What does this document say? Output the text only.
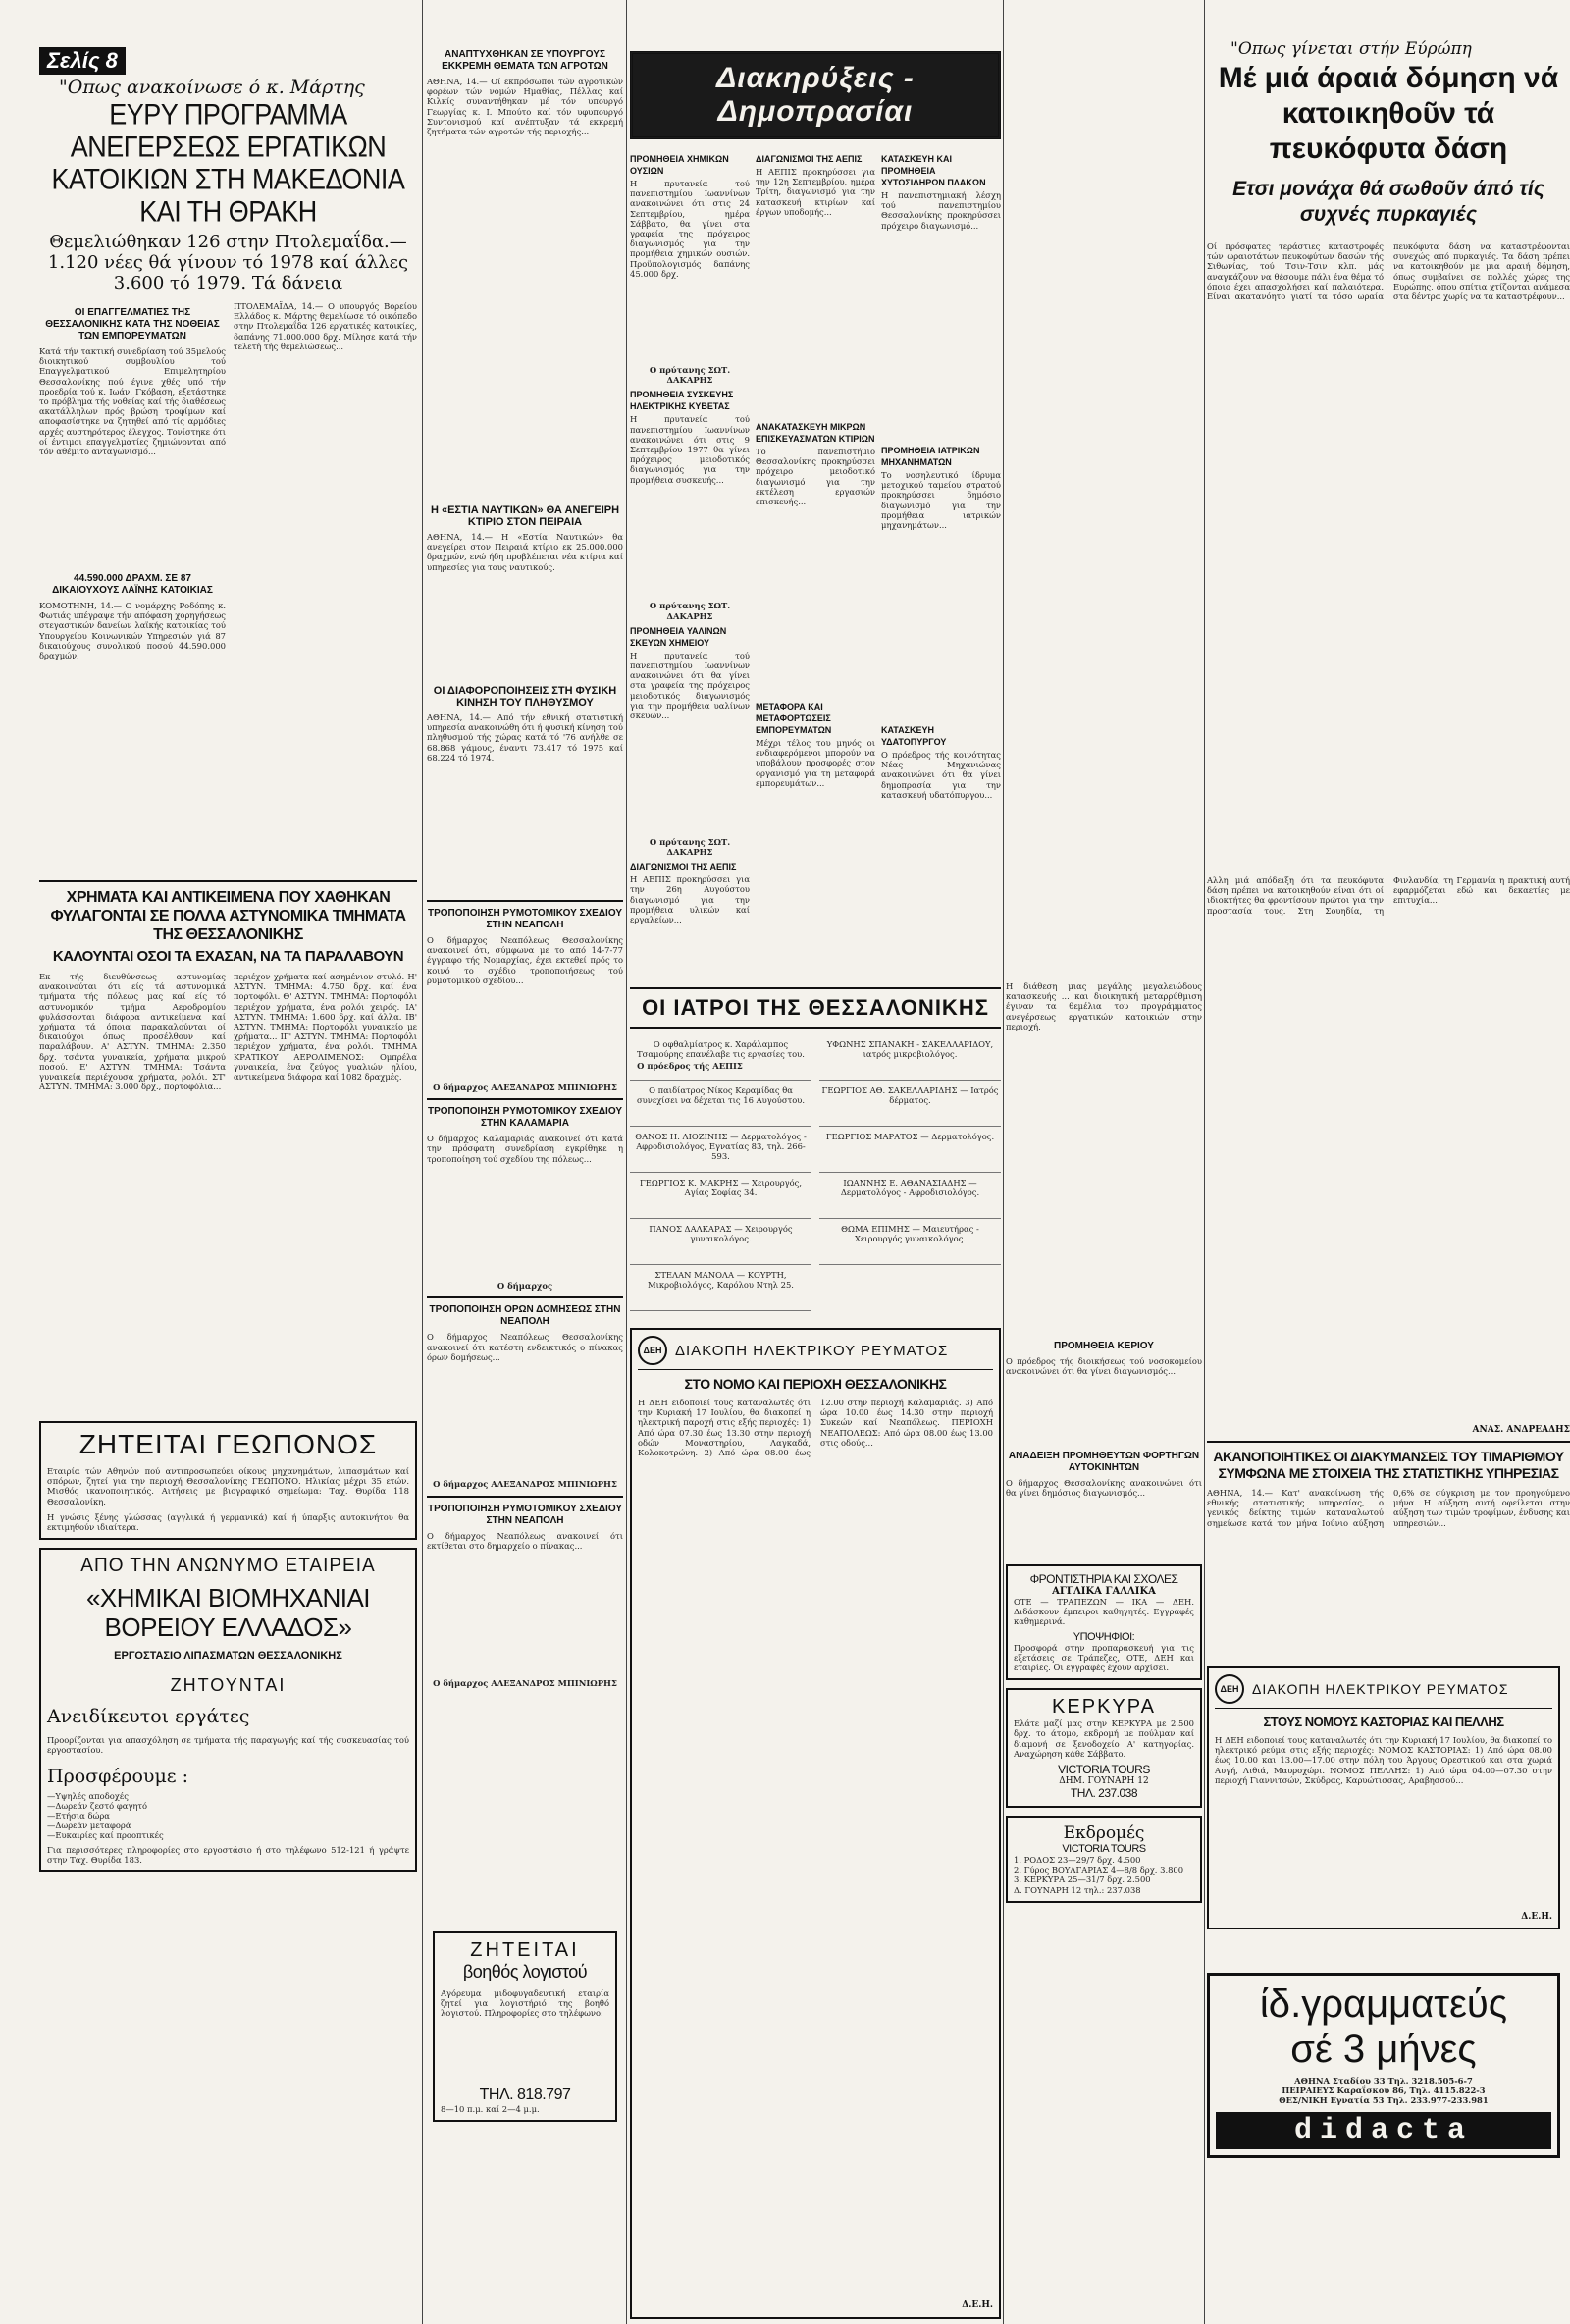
Σελίς 8
"Οπως ανακοίνωσε ό κ. Μάρτης
ΕΥΡΥ ΠΡΟΓΡΑΜΜΑ ΑΝΕΓΕΡΣΕΩΣ ΕΡΓΑΤΙΚΩΝ ΚΑΤΟΙΚΙΩΝ ΣΤΗ ΜΑΚΕΔΟΝΙΑ ΚΑΙ ΤΗ ΘΡΑΚΗ
Θεμελιώθηκαν 126 στην Πτολεμαΐδα.— 1.120 νέες θά γίνουν τό 1978 καί άλλες 3.600 τό 1979. Τά δάνεια
ΟΙ ΕΠΑΓΓΕΛΜΑΤΙΕΣ ΤΗΣ ΘΕΣΣΑΛΟΝΙΚΗΣ ΚΑΤΑ ΤΗΣ ΝΟΘΕΙΑΣ ΤΩΝ ΕΜΠΟΡΕΥΜΑΤΩΝ

Κατά τήν τακτική συνεδρίαση τού 35μελούς διοικητικού συμβουλίου τού Επαγγελματικού Επιμελητηρίου Θεσσαλονίκης πού έγινε χθές υπό τήν προεδρία τού κ. Ιωάν. Γκόβαση, εξετάστηκε το πρόβλημα τής νοθείας καί τής διαθέσεως ακατάλληλων πρός βρώση τροφίμων καί αποφασίστηκε να ζητηθεί από τίς αρμόδιες αρχές αυστηρότερος έλεγχος. Τονίστηκε ότι οί έντιμοι επαγγελματίες ζημιώνονται από τόν αθέμιτο ανταγωνισμό...

44.590.000 ΔΡΑΧΜ. ΣΕ 87 ΔΙΚΑΙΟΥΧΟΥΣ ΛΑΪΝΗΣ ΚΑΤΟΙΚΙΑΣ

ΚΟΜΟΤΗΝΗ, 14.— Ο νομάρχης Ροδόπης κ. Φωτιάς υπέγραψε τήν απόφαση χορηγήσεως στεγαστικών δανείων λαϊκής κατοικίας τού Υπουργείου Κοινωνικών Υπηρεσιών γιά 87 δικαιούχους συνολικού ποσού 44.590.000 δραχμών.

ΠΤΟΛΕΜΑΪΔΑ, 14.— Ο υπουργός Βορείου Ελλάδος κ. Μάρτης θεμελίωσε τό οικόπεδο στην Πτολεμαΐδα 126 εργατικές κατοικίες, δαπάνης 71.000.000 δρχ. Μίλησε κατά τήν τελετή τής θεμελιώσεως...

ΧΡΗΜΑΤΑ ΚΑΙ ΑΝΤΙΚΕΙΜΕΝΑ ΠΟΥ ΧΑΘΗΚΑΝ ΦΥΛΑΓΟΝΤΑΙ ΣΕ ΠΟΛΛΑ ΑΣΤΥΝΟΜΙΚΑ ΤΜΗΜΑΤΑ ΤΗΣ ΘΕΣΣΑΛΟΝΙΚΗΣ
ΚΑΛΟΥΝΤΑΙ ΟΣΟΙ ΤΑ ΕΧΑΣΑΝ, ΝΑ ΤΑ ΠΑΡΑΛΑΒΟΥΝ

Εκ τής διευθύνσεως αστυνομίας ανακοινούται ότι είς τά αστυνομικά τμήματα τής πόλεως μας καί είς τό αστυνομικόν τμήμα Αεροδρομίου φυλάσσονται διάφορα αντικείμενα καί χρήματα τά όποια παρακαλούνται οί δικαιούχοι όπως προσέλθουν καί παραλάβουν. Α' ΑΣΤΥΝ. ΤΜΗΜΑ: 2.350 δρχ. τσάντα γυναικεία, χρήματα μικρού ποσού. Ε' ΑΣΤΥΝ. ΤΜΗΜΑ: Τσάντα γυναικεία περιέχουσα χρήματα, ρολόι. ΣΤ' ΑΣΤΥΝ. ΤΜΗΜΑ: 3.000 δρχ., πορτοφόλια...

περιέχον χρήματα καί ασημένιον στυλό. Η' ΑΣΤΥΝ. ΤΜΗΜΑ: 4.750 δρχ. καί ένα πορτοφόλι. Θ' ΑΣΤΥΝ. ΤΜΗΜΑ: Πορτοφόλι περιέχον χρήματα, ένα ρολόι χειρός. ΙΑ' ΑΣΤΥΝ. ΤΜΗΜΑ: 1.600 δρχ. καί άλλα. ΙΒ' ΑΣΤΥΝ. ΤΜΗΜΑ: Πορτοφόλι γυναικείο με χρήματα... ΙΓ' ΑΣΤΥΝ. ΤΜΗΜΑ: Πορτοφόλι περιέχον χρήματα, ένα ρολόι. ΤΜΗΜΑ ΚΡΑΤΙΚΟΥ ΑΕΡΟΛΙΜΕΝΟΣ: Ομπρέλα γυναικεία, ένα ζεύγος γυαλιών ηλίου, αντικείμενα διάφορα καί 1082 δραχμές.

ΖΗΤΕΙΤΑΙ ΓΕΩΠΟΝΟΣ

Εταιρία τών Αθηνών πού αντιπροσωπεύει οίκους μηχανημάτων, λιπασμάτων καί σπόρων, ζητεί για την περιοχή Θεσσαλονίκης ΓΕΩΠΟΝΟ. Ηλικίας μέχρι 35 ετών. Μισθός ικανοποιητικός. Αιτήσεις με βιογραφικό σημείωμα: Ταχ. Θυρίδα 118 Θεσσαλονίκη.

Η γνώσις ξένης γλώσσας (αγγλικά ή γερμανικά) καί ή ύπαρξις αυτοκινήτου θα εκτιμηθούν ιδιαίτερα.

ΑΠΟ ΤΗΝ ΑΝΩΝΥΜΟ ΕΤΑΙΡΕΙΑ
«ΧΗΜΙΚΑΙ ΒΙΟΜΗΧΑΝΙΑΙ ΒΟΡΕΙΟΥ ΕΛΛΑΔΟΣ»
ΕΡΓΟΣΤΑΣΙΟ ΛΙΠΑΣΜΑΤΩΝ ΘΕΣΣΑΛΟΝΙΚΗΣ
ΖΗΤΟΥΝΤΑΙ
Ανειδίκευτοι εργάτες

Προορίζονται για απασχόληση σε τμήματα τής παραγωγής καί τής συσκευασίας τού εργοστασίου.

Προσφέρουμε :
—Υψηλές αποδοχές
—Δωρεάν ζεστό φαγητό
—Ετήσια δώρα
—Δωρεάν μεταφορά
—Ευκαιρίες καί προοπτικές

Για περισσότερες πληροφορίες στο εργοστάσιο ή στο τηλέφωνο 512-121 ή γράψτε στην Ταχ. Θυρίδα 183.

ΑΝΑΠΤΥΧΘΗΚΑΝ ΣΕ ΥΠΟΥΡΓΟΥΣ ΕΚΚΡΕΜΗ ΘΕΜΑΤΑ ΤΩΝ ΑΓΡΟΤΩΝ

ΑΘΗΝΑ, 14.— Οί εκπρόσωποι τών αγροτικών φορέων τών νομών Ημαθίας, Πέλλας καί Κιλκίς συναντήθηκαν μέ τόν υπουργό Γεωργίας κ. Ι. Μπούτο καί τόν υφυπουργό Συντονισμού καί ανέπτυξαν τά εκκρεμή ζητήματα τών αγροτών τής περιοχής...

Η «ΕΣΤΙΑ ΝΑΥΤΙΚΩΝ» ΘΑ ΑΝΕΓΕΙΡΗ ΚΤΙΡΙΟ ΣΤΟΝ ΠΕΙΡΑΙΑ

ΑΘΗΝΑ, 14.— Η «Εστία Ναυτικών» θα ανεγείρει στον Πειραιά κτίριο εκ 25.000.000 δραχμών, ενώ ήδη προβλέπεται νέα κτίρια καί υπηρεσίες για τους ναυτικούς.

ΟΙ ΔΙΑΦΟΡΟΠΟΙΗΣΕΙΣ ΣΤΗ ΦΥΣΙΚΗ ΚΙΝΗΣΗ ΤΟΥ ΠΛΗΘΥΣΜΟΥ

ΑΘΗΝΑ, 14.— Από τήν εθνική στατιστική υπηρεσία ανακοινώθη ότι ή φυσική κίνηση τού πληθυσμού τής χώρας κατά τό '76 ανήλθε σε 68.868 γάμους, έναντι 73.417 τό 1975 καί 68.224 τό 1974.

ΤΡΟΠΟΠΟΙΗΣΗ ΡΥΜΟΤΟΜΙΚΟΥ ΣΧΕΔΙΟΥ ΣΤΗΝ ΝΕΑΠΟΛΗ

Ο δήμαρχος Νεαπόλεως Θεσσαλονίκης ανακοινεί ότι, σύμφωνα με το από 14-7-77 έγγραφο τής Νομαρχίας, έχει εκτεθεί πρός το κοινό το σχέδιο τροποποιήσεως τού ρυμοτομικού σχεδίου...

Ο δήμαρχος ΑΛΕΞΑΝΔΡΟΣ ΜΠΙΝΙΩΡΗΣ
ΤΡΟΠΟΠΟΙΗΣΗ ΡΥΜΟΤΟΜΙΚΟΥ ΣΧΕΔΙΟΥ ΣΤΗΝ ΚΑΛΑΜΑΡΙΑ

Ο δήμαρχος Καλαμαριάς ανακοινεί ότι κατά την πρόσφατη συνεδρίαση εγκρίθηκε η τροποποίηση τού σχεδίου της πόλεως...

Ο δήμαρχος
ΤΡΟΠΟΠΟΙΗΣΗ ΟΡΩΝ ΔΟΜΗΣΕΩΣ ΣΤΗΝ ΝΕΑΠΟΛΗ

Ο δήμαρχος Νεαπόλεως Θεσσαλονίκης ανακοινεί ότι κατέστη ενδεικτικός ο πίνακας όρων δομήσεως...

Ο δήμαρχος ΑΛΕΞΑΝΔΡΟΣ ΜΠΙΝΙΩΡΗΣ
ΤΡΟΠΟΠΟΙΗΣΗ ΡΥΜΟΤΟΜΙΚΟΥ ΣΧΕΔΙΟΥ ΣΤΗΝ ΝΕΑΠΟΛΗ

Ο δήμαρχος Νεαπόλεως ανακοινεί ότι εκτίθεται στο δημαρχείο ο πίνακας...

Ο δήμαρχος ΑΛΕΞΑΝΔΡΟΣ ΜΠΙΝΙΩΡΗΣ
ΖΗΤΕΙΤΑΙ
βοηθός λογιστού

Αγόρευμα μιδοφυγαδευτική εταιρία ζητεί για λογιστήριό της βοηθό λογιστού. Πληροφορίες στο τηλέφωνο:

ΤΗΛ. 818.797
8—10 π.μ. καί 2—4 μ.μ.
Διακηρύξεις - Δημοπρασίαι
ΠΡΟΜΗΘΕΙΑ ΧΗΜΙΚΩΝ ΟΥΣΙΩΝ

Η πρυτανεία τού πανεπιστημίου Ιωαννίνων ανακοινώνει ότι στις 24 Σεπτεμβρίου, ημέρα Σάββατο, θα γίνει στα γραφεία της πρόχειρος διαγωνισμός για την προμήθεια χημικών ουσιών. Προϋπολογισμός δαπάνης 45.000 δρχ.

Ο πρύτανης ΣΩΤ. ΔΑΚΑΡΗΣ
ΠΡΟΜΗΘΕΙΑ ΣΥΣΚΕΥΗΣ ΗΛΕΚΤΡΙΚΗΣ ΚΥΒΕΤΑΣ

Η πρυτανεία τού πανεπιστημίου Ιωαννίνων ανακοινώνει ότι στις 9 Σεπτεμβρίου 1977 θα γίνει πρόχειρος μειοδοτικός διαγωνισμός για την προμήθεια συσκευής...

Ο πρύτανης ΣΩΤ. ΔΑΚΑΡΗΣ
ΠΡΟΜΗΘΕΙΑ ΥΑΛΙΝΩΝ ΣΚΕΥΩΝ ΧΗΜΕΙΟΥ

Η πρυτανεία τού πανεπιστημίου Ιωαννίνων ανακοινώνει ότι θα γίνει στα γραφεία της πρόχειρος μειοδοτικός διαγωνισμός για την προμήθεια υαλίνων σκευών...

Ο πρύτανης ΣΩΤ. ΔΑΚΑΡΗΣ
ΔΙΑΓΩΝΙΣΜΟΙ ΤΗΣ ΑΕΠΙΣ

Η ΑΕΠΙΣ προκηρύσσει για την 26η Αυγούστου διαγωνισμό για την προμήθεια υλικών καί εργαλείων...

Ο πρόεδρος τής ΑΕΠΙΣ
ΔΙΑΓΩΝΙΣΜΟΙ ΤΗΣ ΑΕΠΙΣ

Η ΑΕΠΙΣ προκηρύσσει για την 12η Σεπτεμβρίου, ημέρα Τρίτη, διαγωνισμό για την κατασκευή κτιρίων καί έργων υποδομής...

ΑΝΑΚΑΤΑΣΚΕΥΗ ΜΙΚΡΩΝ ΕΠΙΣΚΕΥΑΣΜΑΤΩΝ ΚΤΙΡΙΩΝ

Το πανεπιστήμιο Θεσσαλονίκης προκηρύσσει πρόχειρο μειοδοτικό διαγωνισμό για την εκτέλεση εργασιών επισκευής...

ΜΕΤΑΦΟΡΑ ΚΑΙ ΜΕΤΑΦΟΡΤΩΣΕΙΣ ΕΜΠΟΡΕΥΜΑΤΩΝ

Μέχρι τέλος του μηνός οι ενδιαφερόμενοι μπορούν να υποβάλουν προσφορές στον οργανισμό για τη μεταφορά εμπορευμάτων...

ΚΑΤΑΣΚΕΥΗ ΚΑΙ ΠΡΟΜΗΘΕΙΑ ΧΥΤΟΣΙΔΗΡΩΝ ΠΛΑΚΩΝ

Η πανεπιστημιακή λέσχη τού πανεπιστημίου Θεσσαλονίκης προκηρύσσει πρόχειρο διαγωνισμό...

ΠΡΟΜΗΘΕΙΑ ΙΑΤΡΙΚΩΝ ΜΗΧΑΝΗΜΑΤΩΝ

Το νοσηλευτικό ίδρυμα μετοχικού ταμείου στρατού προκηρύσσει δημόσιο διαγωνισμό για την προμήθεια ιατρικών μηχανημάτων...

ΚΑΤΑΣΚΕΥΗ ΥΔΑΤΟΠΥΡΓΟΥ

Ο πρόεδρος τής κοινότητας Νέας Μηχανιώνας ανακοινώνει ότι θα γίνει δημοπρασία για την κατασκευή υδατόπυργου...

ΟΙ ΙΑΤΡΟΙ ΤΗΣ ΘΕΣΣΑΛΟΝΙΚΗΣ
Ο οφθαλμίατρος κ. Χαράλαμπος Τσαμούρης επανέλαβε τις εργασίες του.
Ο παιδίατρος Νίκος Κεραμίδας θα συνεχίσει να δέχεται τις 16 Αυγούστου.
ΘΑΝΟΣ Η. ΛΙΟΖΙΝΗΣ — Δερματολόγος - Αφροδισιολόγος, Εγνατίας 83, τηλ. 266-593.
ΓΕΩΡΓΙΟΣ Κ. ΜΑΚΡΗΣ — Χειρουργός, Αγίας Σοφίας 34.
ΠΑΝΟΣ ΔΑΛΚΑΡΑΣ — Χειρουργός γυναικολόγος.
ΣΤΕΛΑΝ ΜΑΝΟΛΑ — ΚΟΥΡΤΗ, Μικροβιολόγος, Καρόλου Ντηλ 25.
ΥΦΩΝΗΣ ΣΠΑΝΑΚΗ - ΣΑΚΕΛΛΑΡΙΔΟΥ, ιατρός μικροβιολόγος.
ΓΕΩΡΓΙΟΣ ΑΘ. ΣΑΚΕΛΛΑΡΙΔΗΣ — Ιατρός δέρματος.
ΓΕΩΡΓΙΟΣ ΜΑΡΑΤΟΣ — Δερματολόγος.
ΙΩΑΝΝΗΣ Ε. ΑΘΑΝΑΣΙΑΔΗΣ — Δερματολόγος - Αφροδισιολόγος.
ΘΩΜΑ ΕΠΙΜΗΣ — Μαιευτήρας - Χειρουργός γυναικολόγος.
ΔΕΗ ΔΙΑΚΟΠΗ ΗΛΕΚΤΡΙΚΟΥ ΡΕΥΜΑΤΟΣ
ΣΤΟ ΝΟΜΟ ΚΑΙ ΠΕΡΙΟΧΗ ΘΕΣΣΑΛΟΝΙΚΗΣ

Η ΔΕΗ ειδοποιεί τους καταναλωτές ότι την Κυριακή 17 Ιουλίου, θα διακοπεί η ηλεκτρική παροχή στις εξής περιοχές: 1) Από ώρα 07.30 έως 13.30 στην περιοχή οδών Μοναστηρίου, Λαγκαδά, Κολοκοτρώνη. 2) Από ώρα 08.00 έως 12.00 στην περιοχή Καλαμαριάς. 3) Από ώρα 10.00 έως 14.30 στην περιοχή Συκεών καί Νεαπόλεως. ΠΕΡΙΟΧΗ ΝΕΑΠΟΛΕΩΣ: Από ώρα 08.00 έως 13.00 στις οδούς...

Δ.Ε.Η.

Η διάθεση μιας μεγάλης μεγαλειώδους κατασκευής ... και διοικητική μεταρρύθμιση έγιναν τα θεμέλια του προγράμματος ανεγέρσεως εργατικών κατοικιών στην περιοχή.

ΠΡΟΜΗΘΕΙΑ ΚΕΡΙΟΥ

Ο πρόεδρος τής διοικήσεως τού νοσοκομείου ανακοινώνει ότι θα γίνει διαγωνισμός...

ΑΝΑΔΕΙΞΗ ΠΡΟΜΗΘΕΥΤΩΝ ΦΟΡΤΗΓΩΝ ΑΥΤΟΚΙΝΗΤΩΝ

Ο δήμαρχος Θεσσαλονίκης ανακοινώνει ότι θα γίνει δημόσιος διαγωνισμός...

ΦΡΟΝΤΙΣΤΗΡΙΑ ΚΑΙ ΣΧΟΛΕΣ
ΑΓΓΛΙΚΑ ΓΑΛΛΙΚΑ

ΟΤΕ — ΤΡΑΠΕΖΩΝ — ΙΚΑ — ΔΕΗ. Διδάσκουν έμπειροι καθηγητές. Εγγραφές καθημερινά.

ΥΠΟΨΗΦΙΟΙ:

Προσφορά στην προπαρασκευή για τις εξετάσεις σε Τράπεζες, ΟΤΕ, ΔΕΗ και εταιρίες. Οι εγγραφές έχουν αρχίσει.

ΚΕΡΚΥΡΑ

Ελάτε μαζί μας στην ΚΕΡΚΥΡΑ με 2.500 δρχ. το άτομο, εκδρομή με πούλμαν καί διαμονή σε ξενοδοχείο Α' κατηγορίας. Αναχώρηση κάθε Σάββατο.

VICTORIA TOURS
ΔΗΜ. ΓΟΥΝΑΡΗ 12
ΤΗΛ. 237.038
Εκδρομές
VICTORIA TOURS
1. ΡΟΔΟΣ 23—29/7 δρχ. 4.500
2. Γύρος ΒΟΥΛΓΑΡΙΑΣ 4—8/8 δρχ. 3.800
3. ΚΕΡΚΥΡΑ 25—31/7 δρχ. 2.500
Δ. ΓΟΥΝΑΡΗ 12 τηλ.: 237.038
"Οπως γίνεται στήν Εύρώπη
Μέ μιά άραιά δόμηση νά κατοικηθοῦν τά πευκόφυτα δάση
Ετσι μονάχα θά σωθοῦν άπό τίς συχνές πυρκαγιές

Οί πρόσφατες τεράστιες καταστροφές τών ωραιοτάτων πευκοφύτων δασών τής Σιθωνίας, τού Τσιν-Τσιν κλπ. μάς αναγκάζουν να θέσουμε πάλι ένα θέμα τό όποιο έχει απασχολήσει καί παλαιότερα. Είναι ακατανόητο γιατί τα τόσο ωραία πευκόφυτα δάση να καταστρέφονται συνεχώς από πυρκαγιές. Τα δάση πρέπει να κατοικηθούν με μια αραιή δόμηση, όπως συμβαίνει σε πολλές χώρες της Ευρώπης, όπου σπίτια χτίζονται ανάμεσα στα δέντρα χωρίς να τα καταστρέφουν...

Αλλη μιά απόδειξη ότι τα πευκόφυτα δάση πρέπει να κατοικηθούν είναι ότι οί ιδιοκτήτες θα φροντίσουν πρώτοι για την προστασία τους. Στη Σουηδία, τη Φινλανδία, τη Γερμανία η πρακτική αυτή εφαρμόζεται εδώ και δεκαετίες με επιτυχία...

ΑΝΑΣ. ΑΝΔΡΕΑΔΗΣ
ΑΚΑΝΟΠΟΙΗΤΙΚΕΣ ΟΙ ΔΙΑΚΥΜΑΝΣΕΙΣ ΤΟΥ ΤΙΜΑΡΙΘΜΟΥ ΣΥΜΦΩΝΑ ΜΕ ΣΤΟΙΧΕΙΑ ΤΗΣ ΣΤΑΤΙΣΤΙΚΗΣ ΥΠΗΡΕΣΙΑΣ

ΑΘΗΝΑ, 14.— Κατ' ανακοίνωση τής εθνικής στατιστικής υπηρεσίας, ο γενικός δείκτης τιμών καταναλωτού σημείωσε κατά τον μήνα Ιούνιο αύξηση 0,6% σε σύγκριση με τον προηγούμενο μήνα. Η αύξηση αυτή οφείλεται στην αύξηση των τιμών τροφίμων, ένδυσης και υπηρεσιών...

ΔΕΗ ΔΙΑΚΟΠΗ ΗΛΕΚΤΡΙΚΟΥ ΡΕΥΜΑΤΟΣ
ΣΤΟΥΣ ΝΟΜΟΥΣ ΚΑΣΤΟΡΙΑΣ ΚΑΙ ΠΕΛΛΗΣ

Η ΔΕΗ ειδοποιεί τους καταναλωτές ότι την Κυριακή 17 Ιουλίου, θα διακοπεί το ηλεκτρικό ρεύμα στις εξής περιοχές: ΝΟΜΟΣ ΚΑΣΤΟΡΙΑΣ: 1) Από ώρα 08.00 έως 10.00 και 13.00—17.00 στην πόλη του Άργους Ορεστικού και στα χωριά Αυγή, Λιθιά, Μαυροχώρι. ΝΟΜΟΣ ΠΕΛΛΗΣ: 1) Από ώρα 04.00—07.30 στην περιοχή Γιαννιτσών, Σκύδρας, Καρυώτισσας, Αραβησσού...

Δ.Ε.Η.
ίδ.γραμματεύς
σέ 3 μήνες
ΑΘΗΝΑ Σταδίου 33 Τηλ. 3218.505-6-7
ΠΕΙΡΑΙΕΥΣ Καραΐσκου 86, Τηλ. 4115.822-3
ΘΕΣ/ΝΙΚΗ Εγνατία 53 Τηλ. 233.977-233.981
didacta
